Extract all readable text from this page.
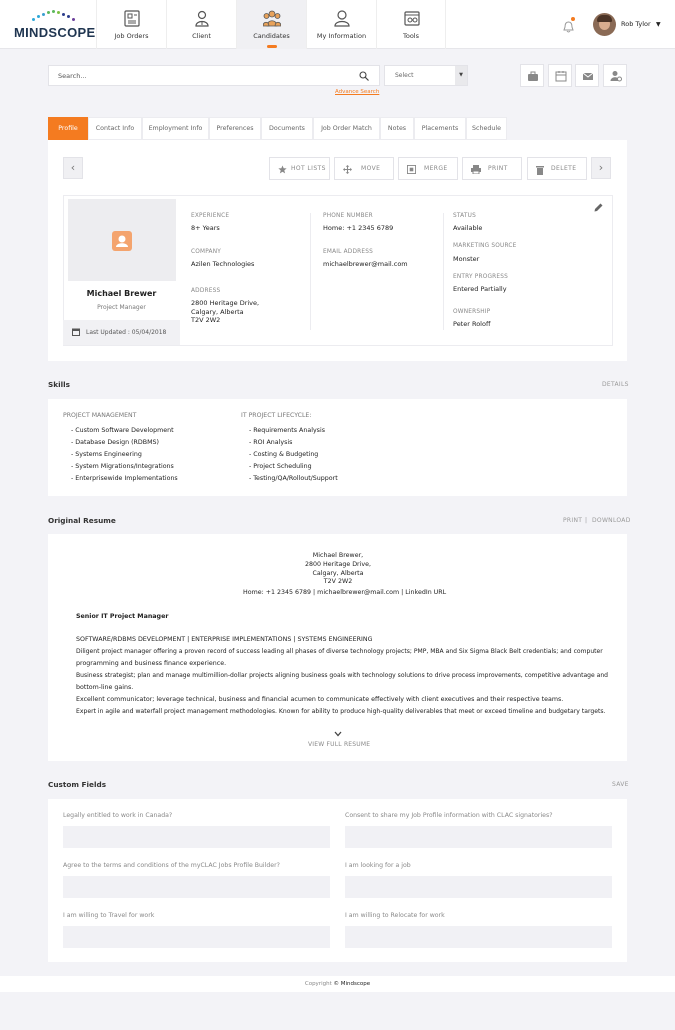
MINDSCOPE	Job Orders	Client	Candidates	My Information	Tools
Rob Tylor ▼
Search...	Select	▼
Advance Search
Profile	Contact Info	Employment Info	Preferences	Documents	Job Order Match	Notes	Placements	Schedule
‹	›
HOT LISTS	MOVE	MERGE	PRINT	DELETE
Michael Brewer
Project Manager
Last Updated : 05/04/2018
EXPERIENCE
8+ Years
COMPANY
Azilen Technologies
ADDRESS
2800 Heritage Drive,
Calgary, Alberta
T2V 2W2
PHONE NUMBER
Home: +1 2345 6789
EMAIL ADDRESS
michaelbrewer@mail.com
STATUS
Available
MARKETING SOURCE
Monster
ENTRY PROGRESS
Entered Partially
OWNERSHIP
Peter Roloff
Skills	DETAILS
PROJECT MANAGEMENT
- Custom Software Development
- Database Design (RDBMS)
- Systems Engineering
- System Migrations/Integrations
- Enterprisewide Implementations
IT PROJECT LIFECYCLE:
- Requirements Analysis
- ROI Analysis
- Costing & Budgeting
- Project Scheduling
- Testing/QA/Rollout/Support
Original Resume	PRINT | DOWNLOAD
Michael Brewer,
2800 Heritage Drive,
Calgary, Alberta
T2V 2W2
Home: +1 2345 6789 | michaelbrewer@mail.com | LinkedIn URL
Senior IT Project Manager
SOFTWARE/RDBMS DEVELOPMENT | ENTERPRISE IMPLEMENTATIONS | SYSTEMS ENGINEERING
Diligent project manager offering a proven record of success leading all phases of diverse technology projects; PMP, MBA and Six Sigma Black Belt credentials; and computer
programming and business finance experience.
Business strategist; plan and manage multimillion-dollar projects aligning business goals with technology solutions to drive process improvements, competitive advantage and
bottom-line gains.
Excellent communicator; leverage technical, business and financial acumen to communicate effectively with client executives and their respective teams.
Expert in agile and waterfall project management methodologies. Known for ability to produce high-quality deliverables that meet or exceed timeline and budgetary targets.
VIEW FULL RESUME
Custom Fields	SAVE
Legally entitled to work in Canada?	Consent to share my Job Profile information with CLAC signatories?
Agree to the terms and conditions of the myCLAC Jobs Profile Builder?	I am looking for a job
I am willing to Travel for work	I am willing to Relocate for work
Copyright © Mindscope
